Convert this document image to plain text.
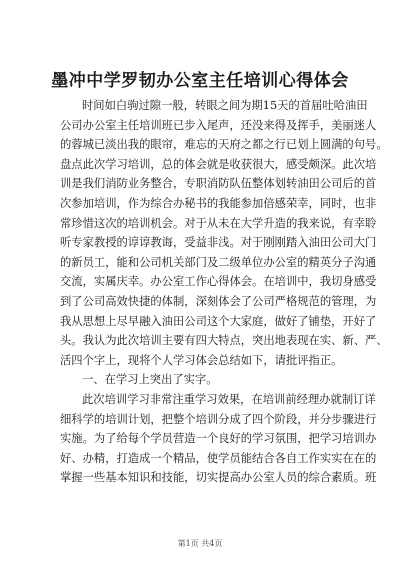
墨冲中学罗韧办公室主任培训心得体会
时间如白驹过隙一般，转眼之间为期15天的首届吐哈油田
公司办公室主任培训班已步入尾声，还没来得及挥手，美丽迷人
的蓉城已淡出我的眼帘，难忘的天府之都之行已划上圆满的句号。
盘点此次学习培训，总的体会就是收获很大，感受颇深。此次培
训是我们消防业务整合，专职消防队伍整体划转油田公司后的首
次参加培训，作为综合办秘书的我能参加倍感荣幸，同时，也非
常珍惜这次的培训机会。对于从未在大学升造的我来说，有幸聆
听专家教授的谆谆教诲，受益非浅。对于刚刚踏入油田公司大门
的新员工，能和公司机关部门及二级单位办公室的精英分子沟通
交流，实属庆幸。办公室工作心得体会。在培训中，我切身感受
到了公司高效快捷的体制，深刻体会了公司严格规范的管理，为
我从思想上尽早融入油田公司这个大家庭，做好了铺垫，开好了
头。我认为此次培训主要有四大特点，突出地表现在实、新、严、
活四个字上，现将个人学习体会总结如下，请批评指正。
一、在学习上突出了实字。
此次培训学习非常注重学习效果，在培训前经理办就制订详
细科学的培训计划，把整个培训分成了四个阶段，并分步骤进行
实施。为了给每个学员营造一个良好的学习氛围，把学习培训办
好、办精，打造成一个精品，使学员能结合各自工作实实在在的
掌握一些基本知识和技能，切实提高办公室人员的综合素质。班
第1页 共4页
